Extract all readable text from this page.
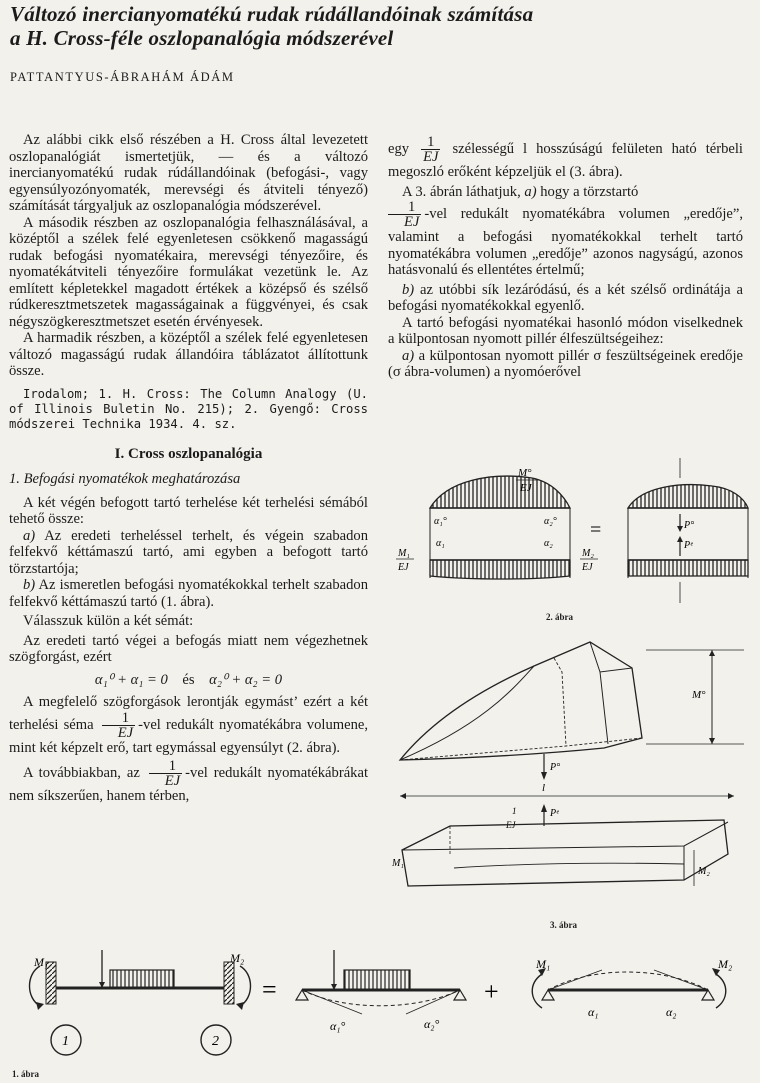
Változó inercianyomatékú rudak rúdállandóinak számítása
a H. Cross-féle oszlopanalógia módszerével
PATTANTYUS-ÁBRAHÁM ÁDÁM

Az alábbi cikk első részében a H. Cross által levezetett oszlopanalógiát ismertetjük, — és a változó inercianyomatékú rudak rúdállandóinak (befogási-, vagy egyensúlyozónyomaték, merevségi és átviteli tényező) számítását tárgyaljuk az oszlopanalógia módszerével.

A második részben az oszlopanalógia felhasználásával, a középtől a szélek felé egyenletesen csökkenő magasságú rudak befogási nyomatékaira, merevségi tényezőire, és nyomatékátviteli tényezőire formulákat vezetünk le. Az említett képletekkel magadott értékek a középső és szélső rúdkeresztmetszetek magasságainak a függvényei, és csak négyszögkeresztmetszet esetén érvényesek.

A harmadik részben, a középtől a szélek felé egyenletesen változó magasságú rudak állandóira táblázatot állítottunk össze.

Irodalom; 1. H. Cross: The Column Analogy (U. of Illinois Buletin No. 215); 2. Gyengő: Cross módszerei Technika 1934. 4. sz.

I. Cross oszlopanalógia

1. Befogási nyomatékok meghatározása

A két végén befogott tartó terhelése két terhelési sémából tehető össze:

a) Az eredeti terheléssel terhelt, és végein szabadon felfekvő kéttámaszú tartó, ami egyben a befogott tartó törzstartója;

b) Az ismeretlen befogási nyomatékokkal terhelt szabadon felfekvő kéttámaszú tartó (1. ábra).

Válasszuk külön a két sémát:

Az eredeti tartó végei a befogás miatt nem végezhetnek szögforgást, ezért

α₁⁰ + α₁ = 0 és α₂⁰ + α₂ = 0

A megfelelő szögforgások lerontják egymást’ ezért a két terhelési séma $\frac{1}{EJ} -vel$ redukált nyomatékábra volumene, mint két képzelt erő, tart egymással egyensúlyt (2. ábra).

A továbbiakban, az $\frac{1}{EJ} -vel$ redukált nyomatékábrákat nem síkszerűen, hanem térben,

egy $\frac{1}{EJ}$ szélességű l hosszúságú felületen ható térbeli megoszló erőként képzeljük el (3. ábra).

A 3. ábrán láthatjuk, a) hogy a törzstartó

$\frac{1}{EJ} -vel$ redukált nyomatékábra volumen „eredője”, valamint a befogási nyomatékokkal terhelt tartó nyomatékábra volumen „eredője” azonos nagyságú, azonos hatásvonalú és ellentétes értelmű;

b) az utóbbi sík lezáródású, és a két szélső ordinátája a befogási nyomatékokkal egyenlő.

A tartó befogási nyomatékai hasonló módon viselkednek a külpontosan nyomott pillér élfeszültségeihez:

a) a külpontosan nyomott pillér σ feszültségeinek eredője (σ ábra-volumen) a nyomóerővel

M°
EJ
α₁°	α₂°
α₁	α₂
M₁
EJ
M₂
EJ
=	P°
Pᵉ
2. ábra
M°
P°
Pᵉ
l
1
EJ
M₁
M₂
3. ábra
M₁	M₂
1	2
=
α₁°	α₂°
+
M₁	M₂
α₁	α₂
1. ábra
